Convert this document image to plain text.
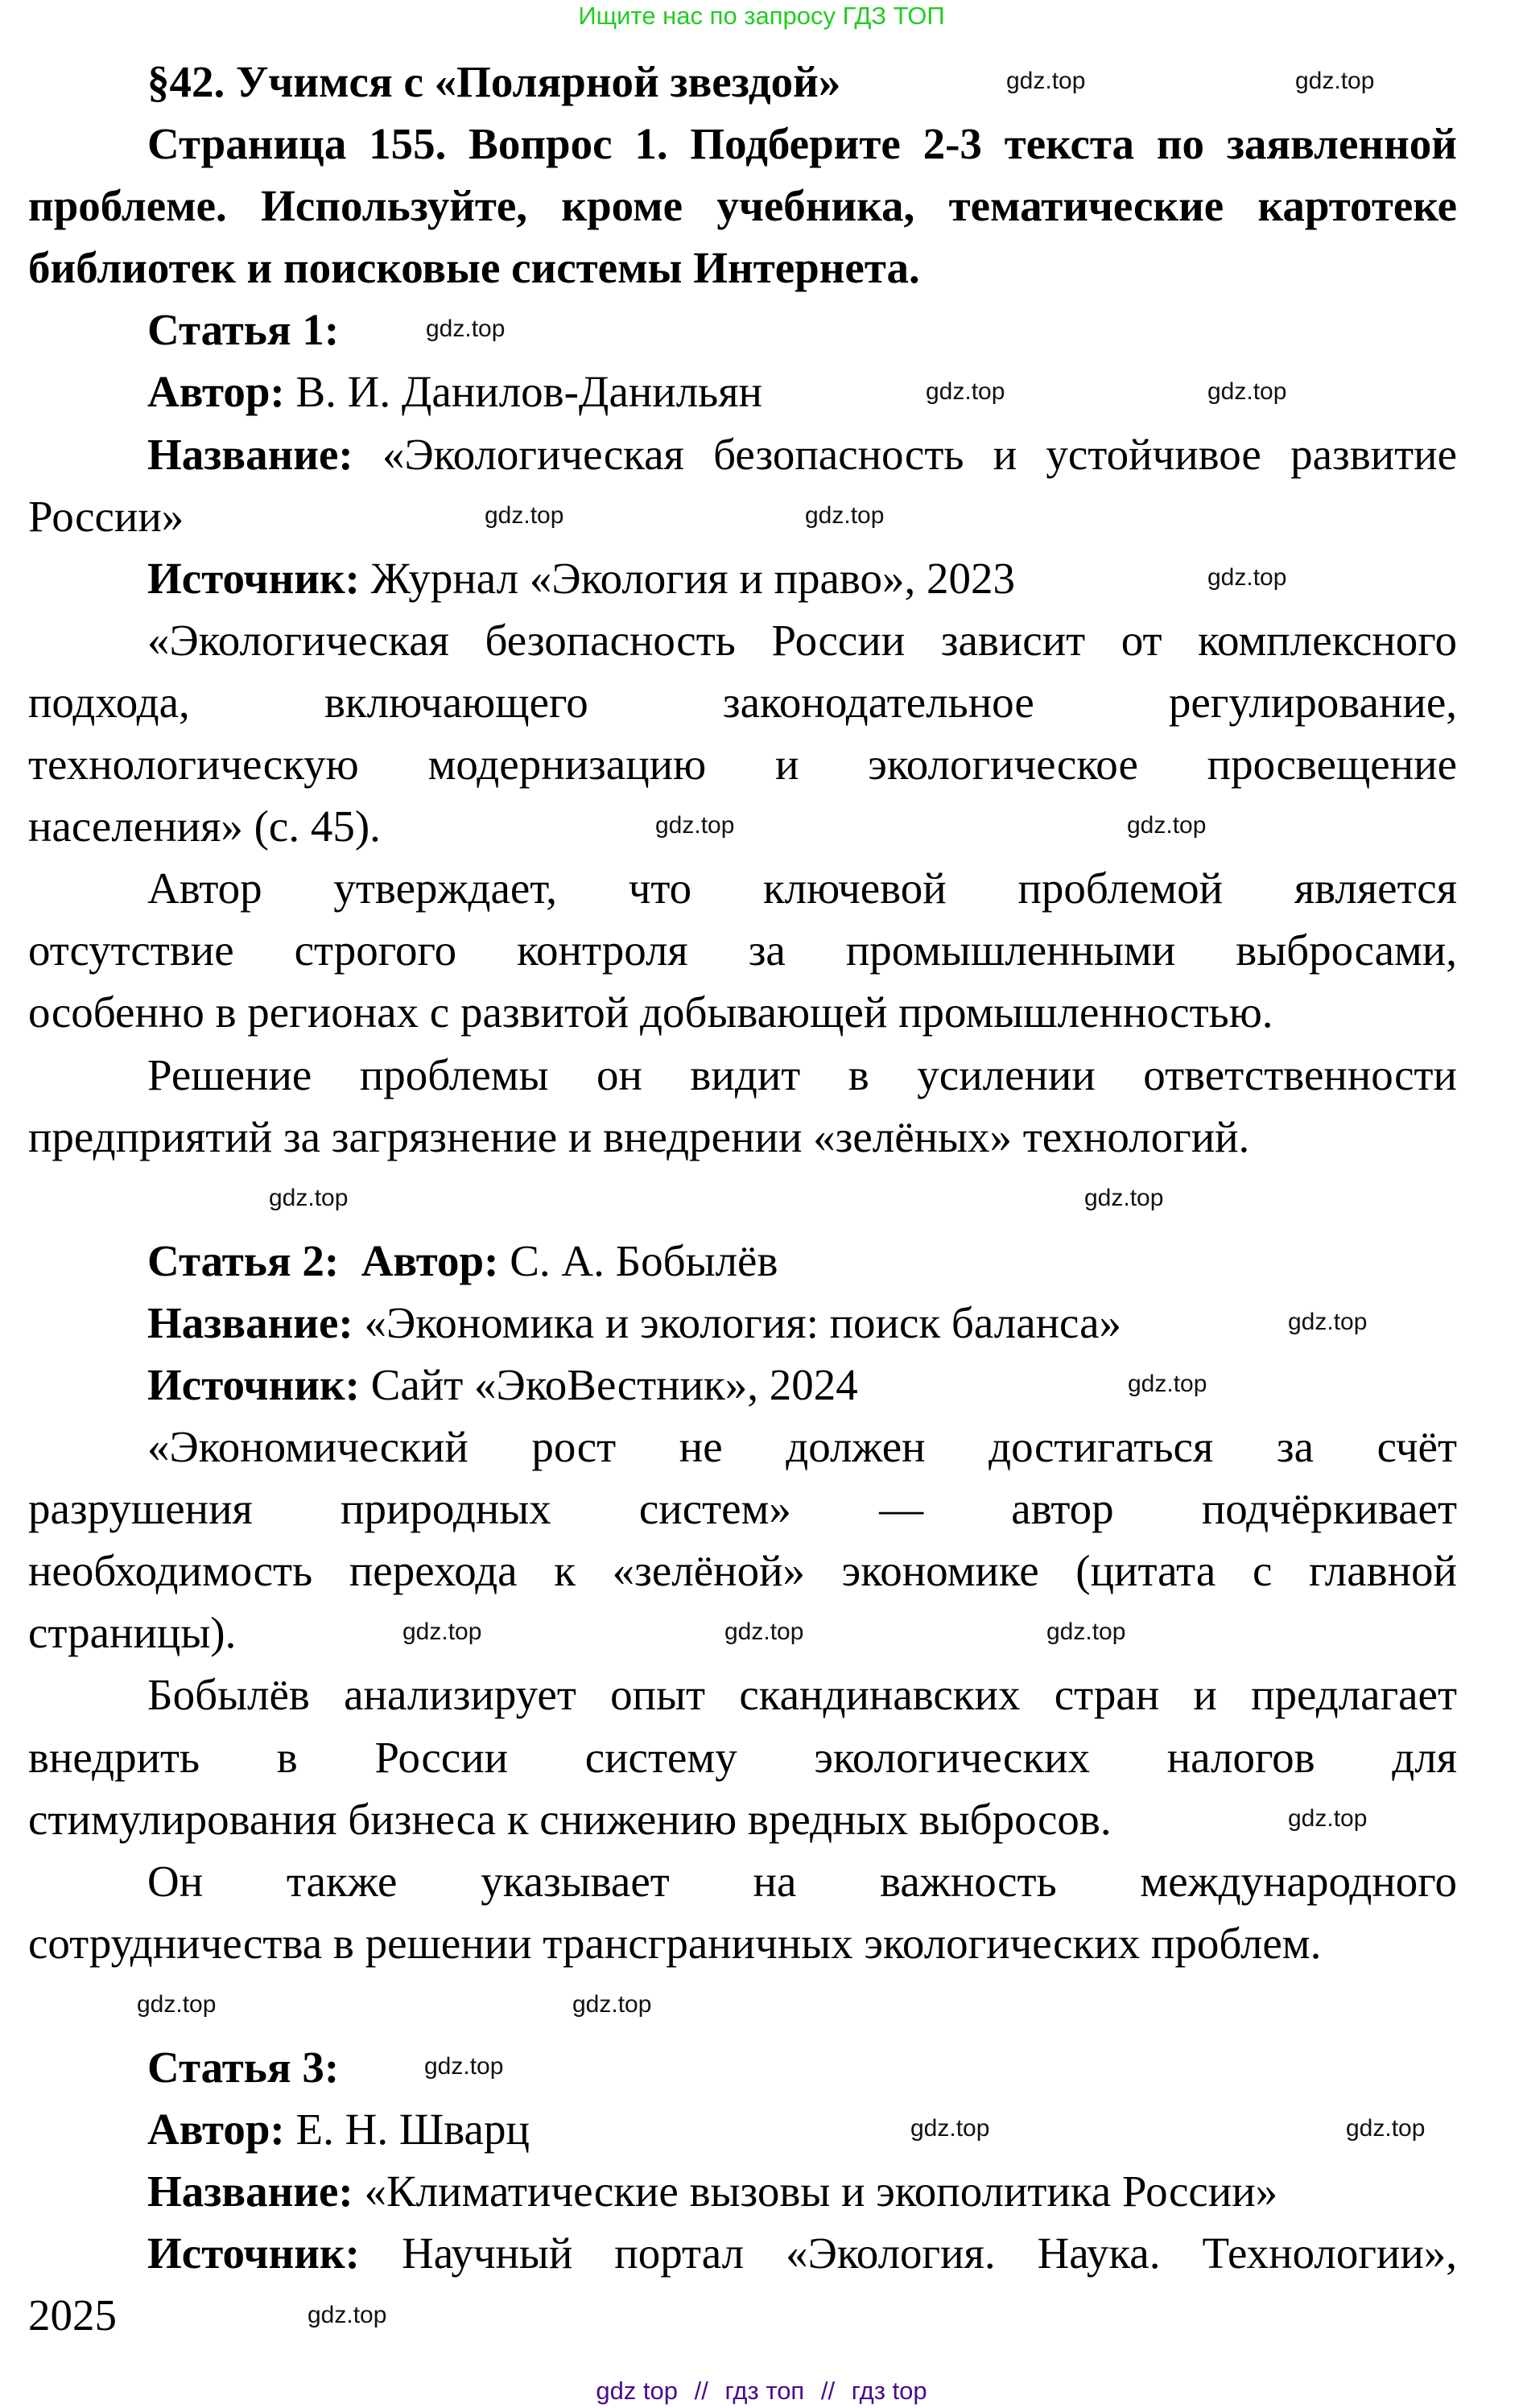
Ищите нас по запросу ГДЗ ТОП
§42. Учимся с «Полярной звездой»
Страница 155. Вопрос 1. Подберите 2-3 текста по заявленной
проблеме. Используйте, кроме учебника, тематические картотеке
библиотек и поисковые системы Интернета.
Статья 1:
Автор: В. И. Данилов-Данильян
Название: «Экологическая безопасность и устойчивое развитие
России»
Источник: Журнал «Экология и право», 2023
«Экологическая безопасность России зависит от комплексного
подхода, включающего законодательное регулирование,
технологическую модернизацию и экологическое просвещение
населения» (с. 45).
Автор утверждает, что ключевой проблемой является
отсутствие строгого контроля за промышленными выбросами,
особенно в регионах с развитой добывающей промышленностью.
Решение проблемы он видит в усилении ответственности
предприятий за загрязнение и внедрении «зелёных» технологий.
Статья 2: Автор: С. А. Бобылёв
Название: «Экономика и экология: поиск баланса»
Источник: Сайт «ЭкоВестник», 2024
«Экономический рост не должен достигаться за счёт
разрушения природных систем» — автор подчёркивает
необходимость перехода к «зелёной» экономике (цитата с главной
страницы).
Бобылёв анализирует опыт скандинавских стран и предлагает
внедрить в России систему экологических налогов для
стимулирования бизнеса к снижению вредных выбросов.
Он также указывает на важность международного
сотрудничества в решении трансграничных экологических проблем.
Статья 3:
Автор: Е. Н. Шварц
Название: «Климатические вызовы и экополитика России»
Источник: Научный портал «Экология. Наука. Технологии»,
2025
gdz.top
gdz.top
gdz.top
gdz.top	gdz.top
gdz.top	gdz.top
gdz.top
gdz.top	gdz.top
gdz.top
gdz.top
gdz.top
gdz.top
gdz.top	gdz.top	gdz.top
gdz.top
gdz.top
gdz.top
gdz.top
gdz.top
gdz.top
gdz.top
gdz top // гдз топ // гдз top
